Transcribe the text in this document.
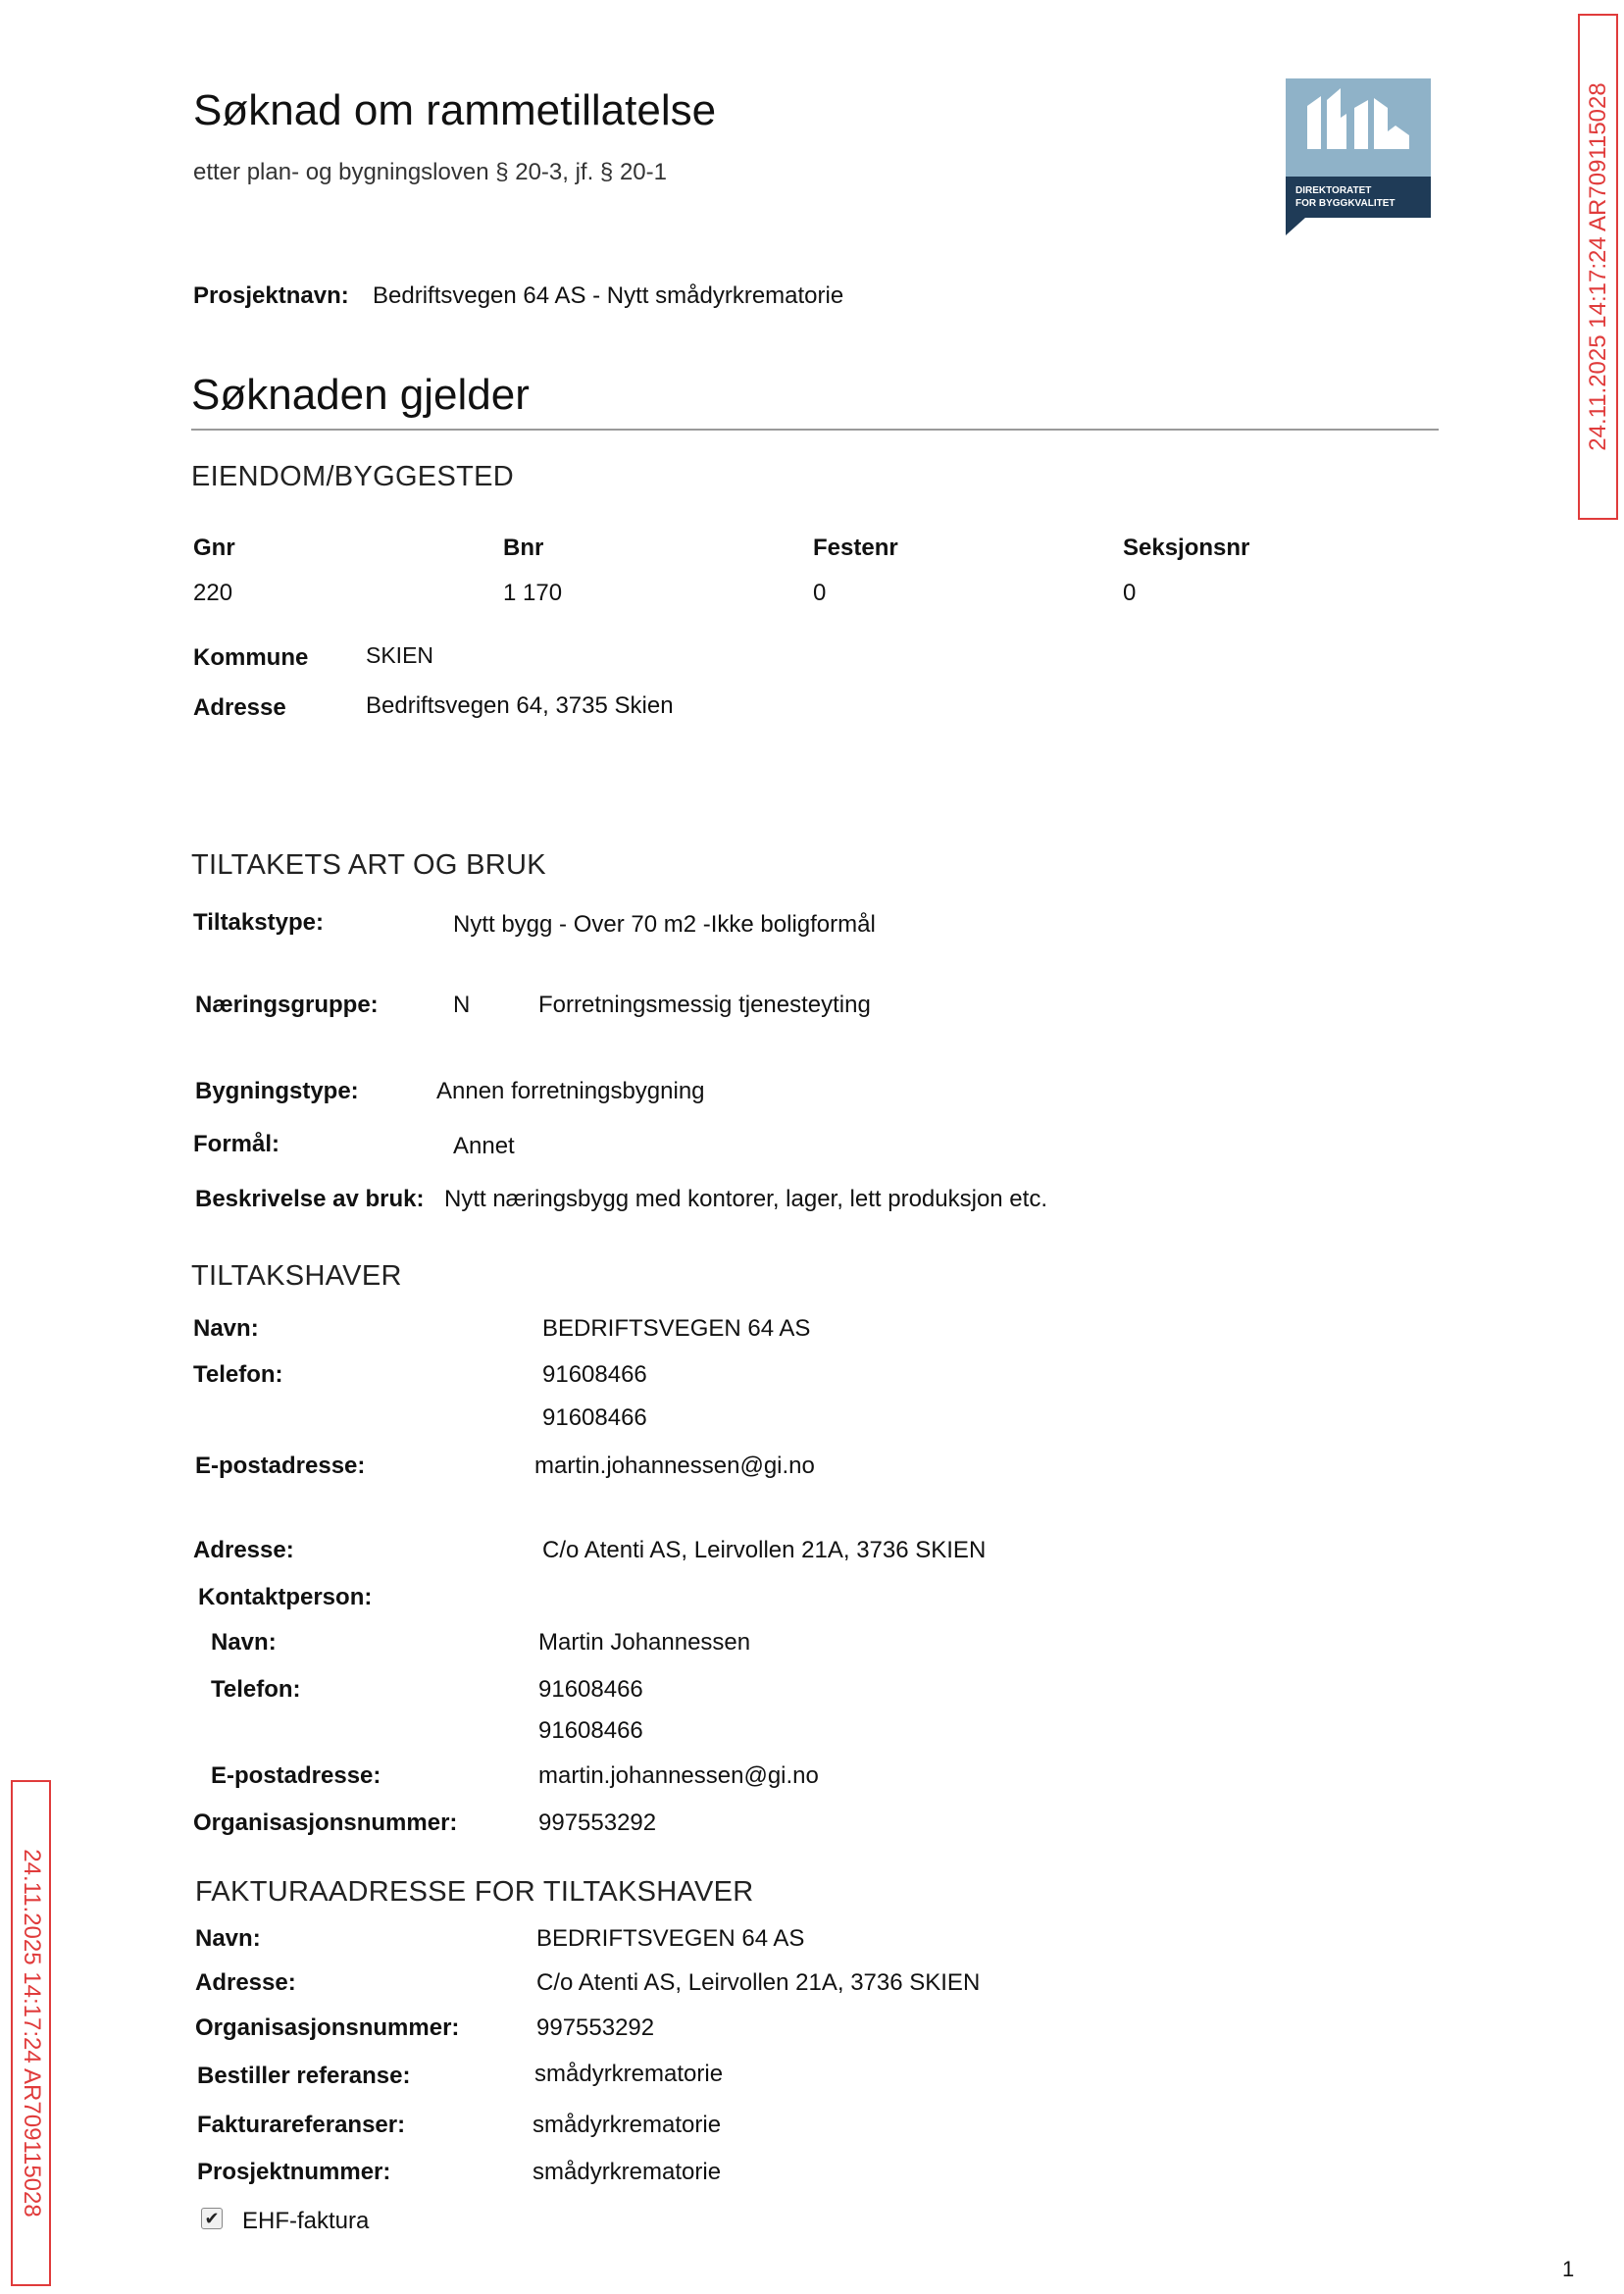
Søknad om rammetillatelse
etter plan- og bygningsloven § 20-3, jf. § 20-1
DIREKTORATET
FOR BYGGKVALITET	24.11.2025 14:17:24 AR709115028
24.11.2025 14:17:24 AR709115028
Prosjektnavn: Bedriftsvegen 64 AS - Nytt smådyrkrematorie
Søknaden gjelder
EIENDOM/BYGGESTED
Gnr	Bnr	Festenr	Seksjonsnr
220	1 170	0	0
Kommune	SKIEN
Adresse	Bedriftsvegen 64, 3735 Skien
TILTAKETS ART OG BRUK
Tiltakstype:	Nytt bygg - Over 70 m2 -Ikke boligformål
Næringsgruppe:	N	Forretningsmessig tjenesteyting
Bygningstype:	Annen forretningsbygning
Formål:	Annet
Beskrivelse av bruk: Nytt næringsbygg med kontorer, lager, lett produksjon etc.
TILTAKSHAVER
Navn:	BEDRIFTSVEGEN 64 AS
Telefon:	91608466
91608466
E-postadresse:	martin.johannessen@gi.no
Adresse:	C/o Atenti AS, Leirvollen 21A, 3736 SKIEN
Kontaktperson:
Navn:	Martin Johannessen
Telefon:	91608466
91608466
E-postadresse:	martin.johannessen@gi.no
Organisasjonsnummer:	997553292
FAKTURAADRESSE FOR TILTAKSHAVER
Navn:	BEDRIFTSVEGEN 64 AS
Adresse:	C/o Atenti AS, Leirvollen 21A, 3736 SKIEN
Organisasjonsnummer:	997553292
Bestiller referanse:	smådyrkrematorie
Fakturareferanser:	smådyrkrematorie
Prosjektnummer:	smådyrkrematorie
✔ EHF-faktura
1
